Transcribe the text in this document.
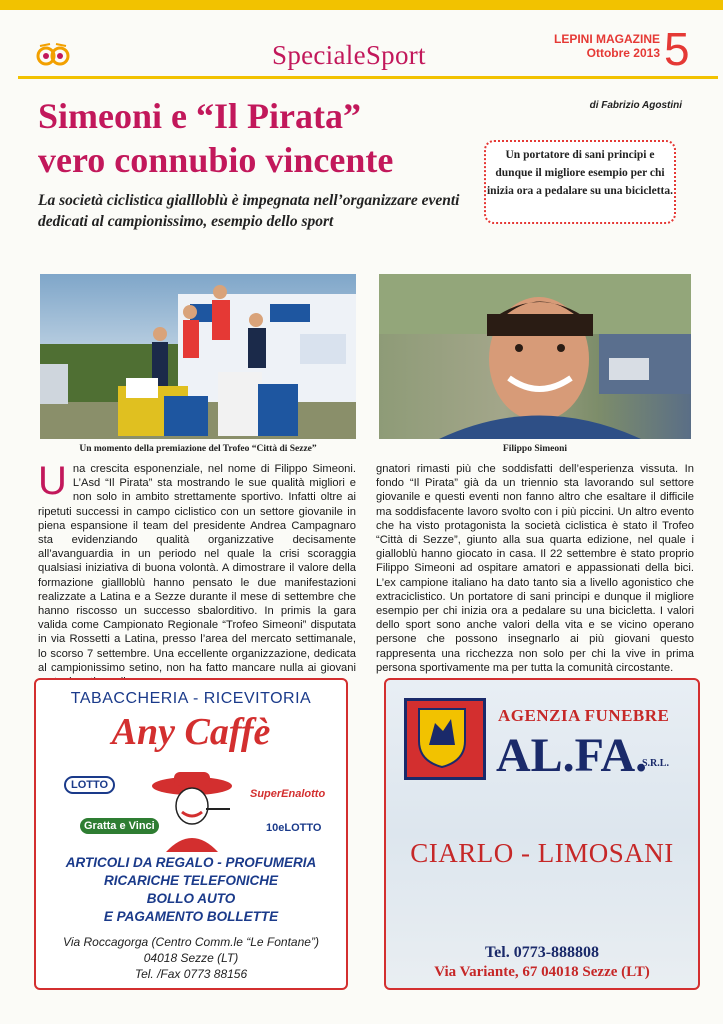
SpecialeSport
LEPINI MAGAZINE
Ottobre 2013 5
Simeoni e “Il Pirata”
vero connubio vincente
di Fabrizio Agostini
Un portatore di sani principi e dunque il migliore esempio per chi inizia ora a pedalare su una bicicletta.
La società ciclistica giallloblù è impegnata nell’organizzare eventi dedicati al campionissimo, esempio dello sport
Un momento della premiazione del Trofeo “Città di Sezze”	Filippo Simeoni
Una crescita esponenziale, nel nome di Filippo Simeoni. L’Asd “Il Pirata” sta mostrando le sue qualità migliori e non solo in ambito strettamente sportivo. Infatti oltre ai ripetuti successi in campo ciclistico con un settore giovanile in piena espansione il team del presidente Andrea Campagnaro sta evidenziando qualità organizzative decisamente all’avanguardia in un periodo nel quale la crisi scoraggia qualsiasi iniziativa di buona volontà. A dimostrare il valore della formazione giallloblù hanno pensato le due manifestazioni realizzate a Latina e a Sezze durante il mese di settembre che hanno riscosso un successo sbalorditivo. In primis la gara valida come Campionato Regionale “Trofeo Simeoni” disputata in via Rossetti a Latina, presso l’area del mercato settimanale, lo scorso 7 settembre. Una eccellente organizzazione, dedicata al campionissimo setino, non ha fatto mancare nulla ai giovani
gnatori rimasti più che soddisfatti dell’esperienza vissuta. In fondo “Il Pirata” già da un triennio sta lavorando sul settore giovanile e questi eventi non fanno altro che esaltare il difficile ma soddisfacente lavoro svolto con i più piccini. Un altro evento che ha visto protagonista la società ciclistica è stato il Trofeo “Città di Sezze”, giunto alla sua quarta edizione, nel quale i gialloblù hanno giocato in casa. Il 22 settembre è stato proprio Filippo Simeoni ad ospitare amatori e appassionati della bici. L’ex campione italiano ha dato tanto sia a livello agonistico che extraciclistico. Un portatore di sani principi e dunque il migliore esempio per chi inizia ora a pedalare su una bicicletta. I valori dello sport sono anche valori della vita e se vicino operano persone che possono insegnarlo ai più giovani questo rappresenta una ricchezza non solo per chi la vive in prima persona sportivamente ma per tutta la comunità circostante.
TABACCHERIA - RICEVITORIA
Any Caffè
LOTTO
SuperEnalotto
Gratta e Vinci	10eLOTTO
ARTICOLI DA REGALO - PROFUMERIA
RICARICHE TELEFONICHE
BOLLO AUTO
E PAGAMENTO BOLLETTE
Via Roccagorga (Centro Comm.le “Le Fontane”)
04018 Sezze (LT)
Tel. /Fax 0773 88156
AGENZIA FUNEBRE
AL.FA.
S.R.L.
CIARLO - LIMOSANI
Tel. 0773-888808
Via Variante, 67 04018 Sezze (LT)
